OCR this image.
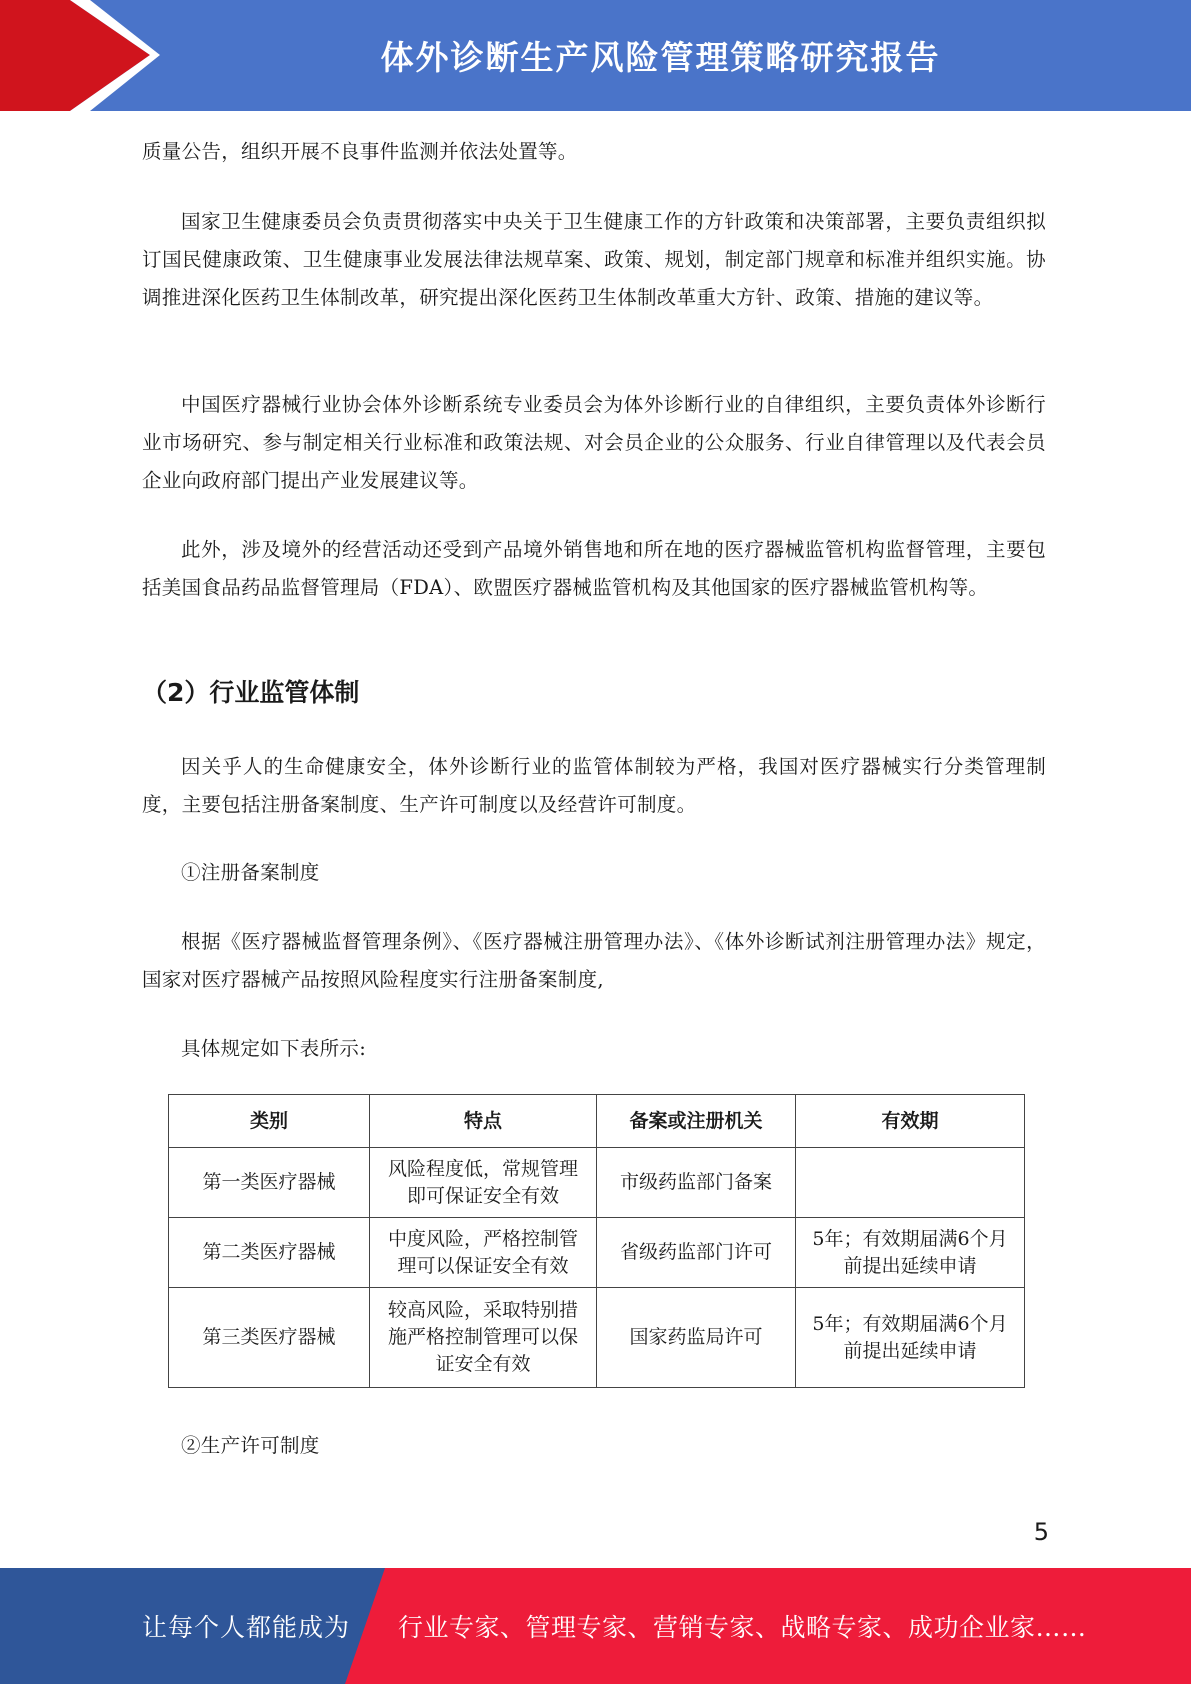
体外诊断生产风险管理策略研究报告

质量公告，组织开展不良事件监测并依法处置等。

国家卫生健康委员会负责贯彻落实中央关于卫生健康工作的方针政策和决策部署，主要负责组织拟订国民健康政策、卫生健康事业发展法律法规草案、政策、规划，制定部门规章和标准并组织实施。协调推进深化医药卫生体制改革，研究提出深化医药卫生体制改革重大方针、政策、措施的建议等。

中国医疗器械行业协会体外诊断系统专业委员会为体外诊断行业的自律组织，主要负责体外诊断行业市场研究、参与制定相关行业标准和政策法规、对会员企业的公众服务、行业自律管理以及代表会员企业向政府部门提出产业发展建议等。

此外，涉及境外的经营活动还受到产品境外销售地和所在地的医疗器械监管机构监督管理，主要包括美国食品药品监督管理局（FDA）、欧盟医疗器械监管机构及其他国家的医疗器械监管机构等。

（2）行业监管体制

因关乎人的生命健康安全，体外诊断行业的监管体制较为严格，我国对医疗器械实行分类管理制度，主要包括注册备案制度、生产许可制度以及经营许可制度。

①注册备案制度

根据《医疗器械监督管理条例》、《医疗器械注册管理办法》、《体外诊断试剂注册管理办法》规定，国家对医疗器械产品按照风险程度实行注册备案制度,

具体规定如下表所示:

②生产许可制度

类别	特点	备案或注册机关	有效期
第一类医疗器械	风险程度低，常规管理即可保证安全有效	市级药监部门备案	
第二类医疗器械	中度风险，严格控制管理可以保证安全有效	省级药监部门许可	5年；有效期届满6个月前提出延续申请
第三类医疗器械	较高风险，采取特别措施严格控制管理可以保证安全有效	国家药监局许可	5年；有效期届满6个月前提出延续申请
5
让每个人都能成为 行业专家、管理专家、营销专家、战略专家、成功企业家……
